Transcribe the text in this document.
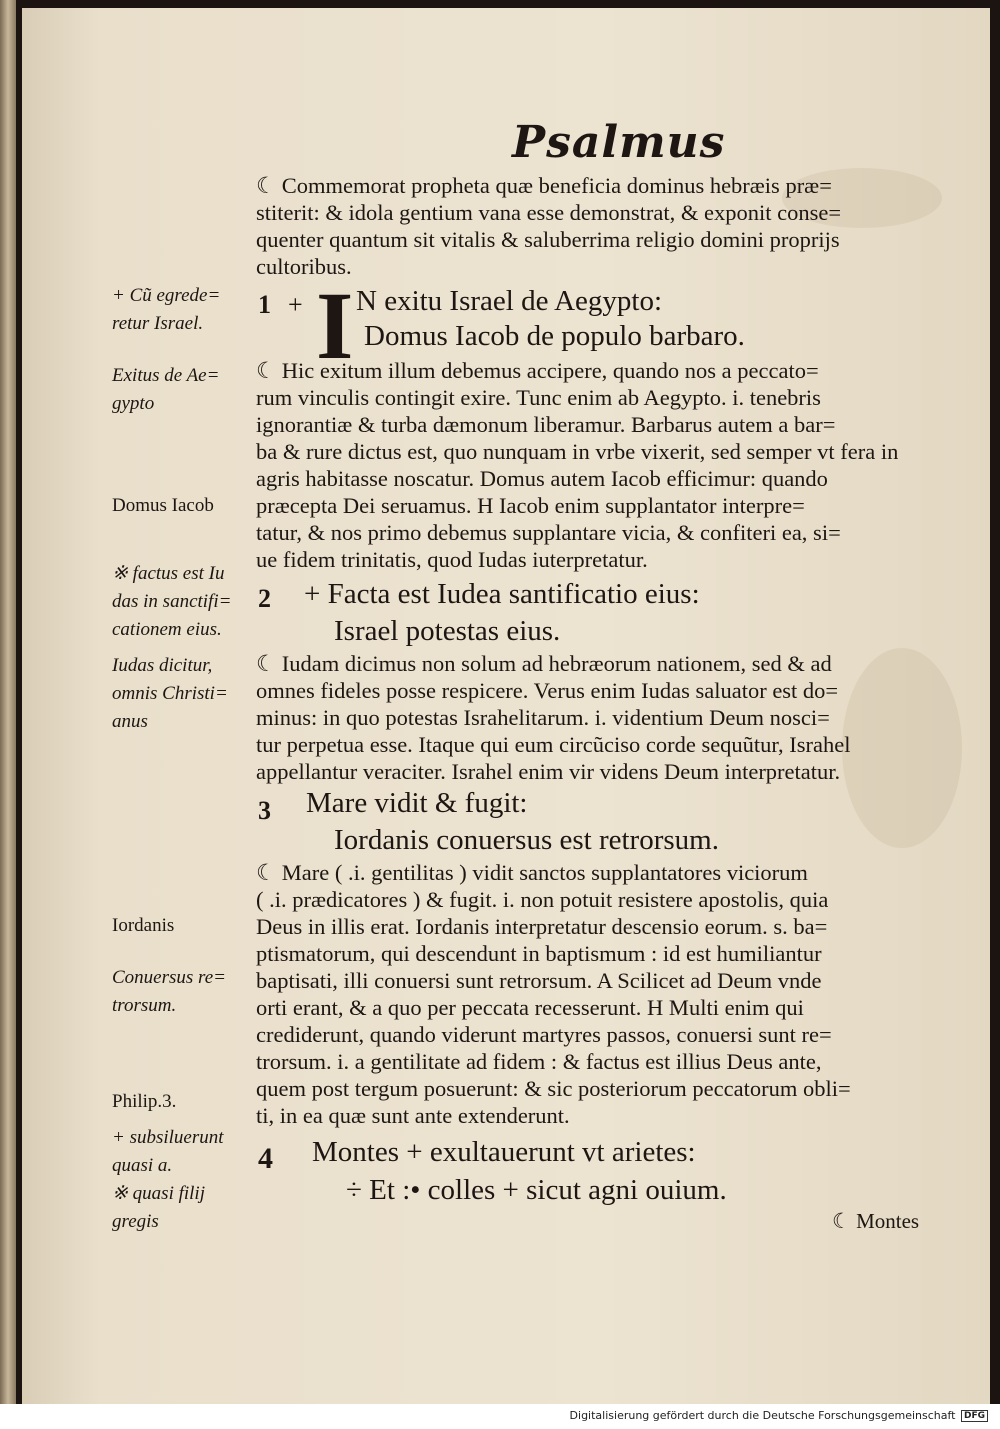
Psalmus
☾ Commemorat propheta quæ beneficia dominus hebræis præ=
stiterit: & idola gentium vana esse demonstrat, & exponit conse=
quenter quantum sit vitalis & saluberrima religio domini proprijs
cultoribus.
1 + I N exitu Israel de Aegypto:
Domus Iacob de populo barbaro.
☾ Hic exitum illum debemus accipere, quando nos a peccato=
rum vinculis contingit exire. Tunc enim ab Aegypto. i. tenebris
ignorantiæ & turba dæmonum liberamur. Barbarus autem a bar=
ba & rure dictus est, quo nunquam in vrbe vixerit, sed semper vt fera in
agris habitasse noscatur. Domus autem Iacob efficimur: quando
præcepta Dei seruamus. H Iacob enim supplantator interpre=
tatur, & nos primo debemus supplantare vicia, & confiteri ea, si=
ue fidem trinitatis, quod Iudas iuterpretatur.
2 + Facta est Iudea santificatio eius:
Israel potestas eius.
☾ Iudam dicimus non solum ad hebræorum nationem, sed & ad
omnes fideles posse respicere. Verus enim Iudas saluator est do=
minus: in quo potestas Israhelitarum. i. videntium Deum nosci=
tur perpetua esse. Itaque qui eum circũciso corde sequũtur, Israhel
appellantur veraciter. Israhel enim vir videns Deum interpretatur.
3 Mare vidit & fugit:
Iordanis conuersus est retrorsum.
☾ Mare ( .i. gentilitas ) vidit sanctos supplantatores viciorum
( .i. prædicatores ) & fugit. i. non potuit resistere apostolis, quia
Deus in illis erat. Iordanis interpretatur descensio eorum. s. ba=
ptismatorum, qui descendunt in baptismum : id est humiliantur
baptisati, illi conuersi sunt retrorsum. A Scilicet ad Deum vnde
orti erant, & a quo per peccata recesserunt. H Multi enim qui
crediderunt, quando viderunt martyres passos, conuersi sunt re=
trorsum. i. a gentilitate ad fidem : & factus est illius Deus ante,
quem post tergum posuerunt: & sic posteriorum peccatorum obli=
ti, in ea quæ sunt ante extenderunt.
4 Montes + exultauerunt vt arietes:
÷ Et :• colles + sicut agni ouium.
☾ Montes
+ Cũ egrede=
retur Israel.
Exitus de Ae=
gypto
Domus Iacob
※ factus est Iu
das in sanctifi=
cationem eius.
Iudas dicitur,
omnis Christi=
anus
Iordanis
Conuersus re=
trorsum.
Philip.3.
+ subsiluerunt
quasi a.
※ quasi filij
gregis
Digitalisierung gefördert durch die Deutsche Forschungsgemeinschaft DFG
